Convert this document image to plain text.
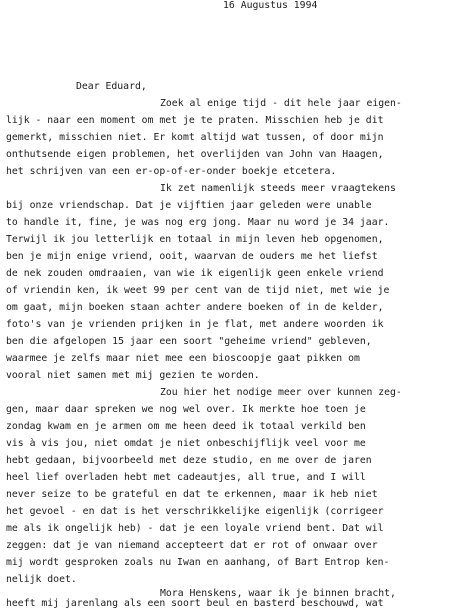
16 Augustus 1994
Dear Eduard,
Zoek al enige tijd - dit hele jaar eigen-
lijk - naar een moment om met je te praten. Misschien heb je dit
gemerkt, misschien niet. Er komt altijd wat tussen, of door mijn
onthutsende eigen problemen, het overlijden van John van Haagen,
het schrijven van een er-op-of-er-onder boekje etcetera.
Ik zet namenlijk steeds meer vraagtekens
bij onze vriendschap. Dat je vijftien jaar geleden were unable
to handle it, fine, je was nog erg jong. Maar nu word je 34 jaar.
Terwijl ik jou letterlijk en totaal in mijn leven heb opgenomen,
ben je mijn enige vriend, ooit, waarvan de ouders me het liefst
de nek zouden omdraaien, van wie ik eigenlijk geen enkele vriend
of vriendin ken, ik weet 99 per cent van de tijd niet, met wie je
om gaat, mijn boeken staan achter andere boeken of in de kelder,
foto's van je vrienden prijken in je flat, met andere woorden ik
ben die afgelopen 15 jaar een soort "geheime vriend" gebleven,
waarmee je zelfs maar niet mee een bioscoopje gaat pikken om
vooral niet samen met mij gezien te worden.
Zou hier het nodige meer over kunnen zeg-
gen, maar daar spreken we nog wel over. Ik merkte hoe toen je
zondag kwam en je armen om me heen deed ik totaal verkild ben
vis à vis jou, niet omdat je niet onbeschijflijk veel voor me
hebt gedaan, bijvoorbeeld met deze studio, en me over de jaren
heel lief overladen hebt met cadeautjes, all true, and I will
never seize to be grateful en dat te erkennen, maar ik heb niet
het gevoel - en dat is het verschrikkelijke eigenlijk (corrigeer
me als ik ongelijk heb) - dat je een loyale vriend bent. Dat wil
zeggen: dat je van niemand accepteert dat er rot of onwaar over
mij wordt gesproken zoals nu Iwan en aanhang, of Bart Entrop ken-
nelijk doet.
Mora Henskens, waar ik je binnen bracht,
heeft mij jarenlang als een soort beul en basterd beschouwd, wat
